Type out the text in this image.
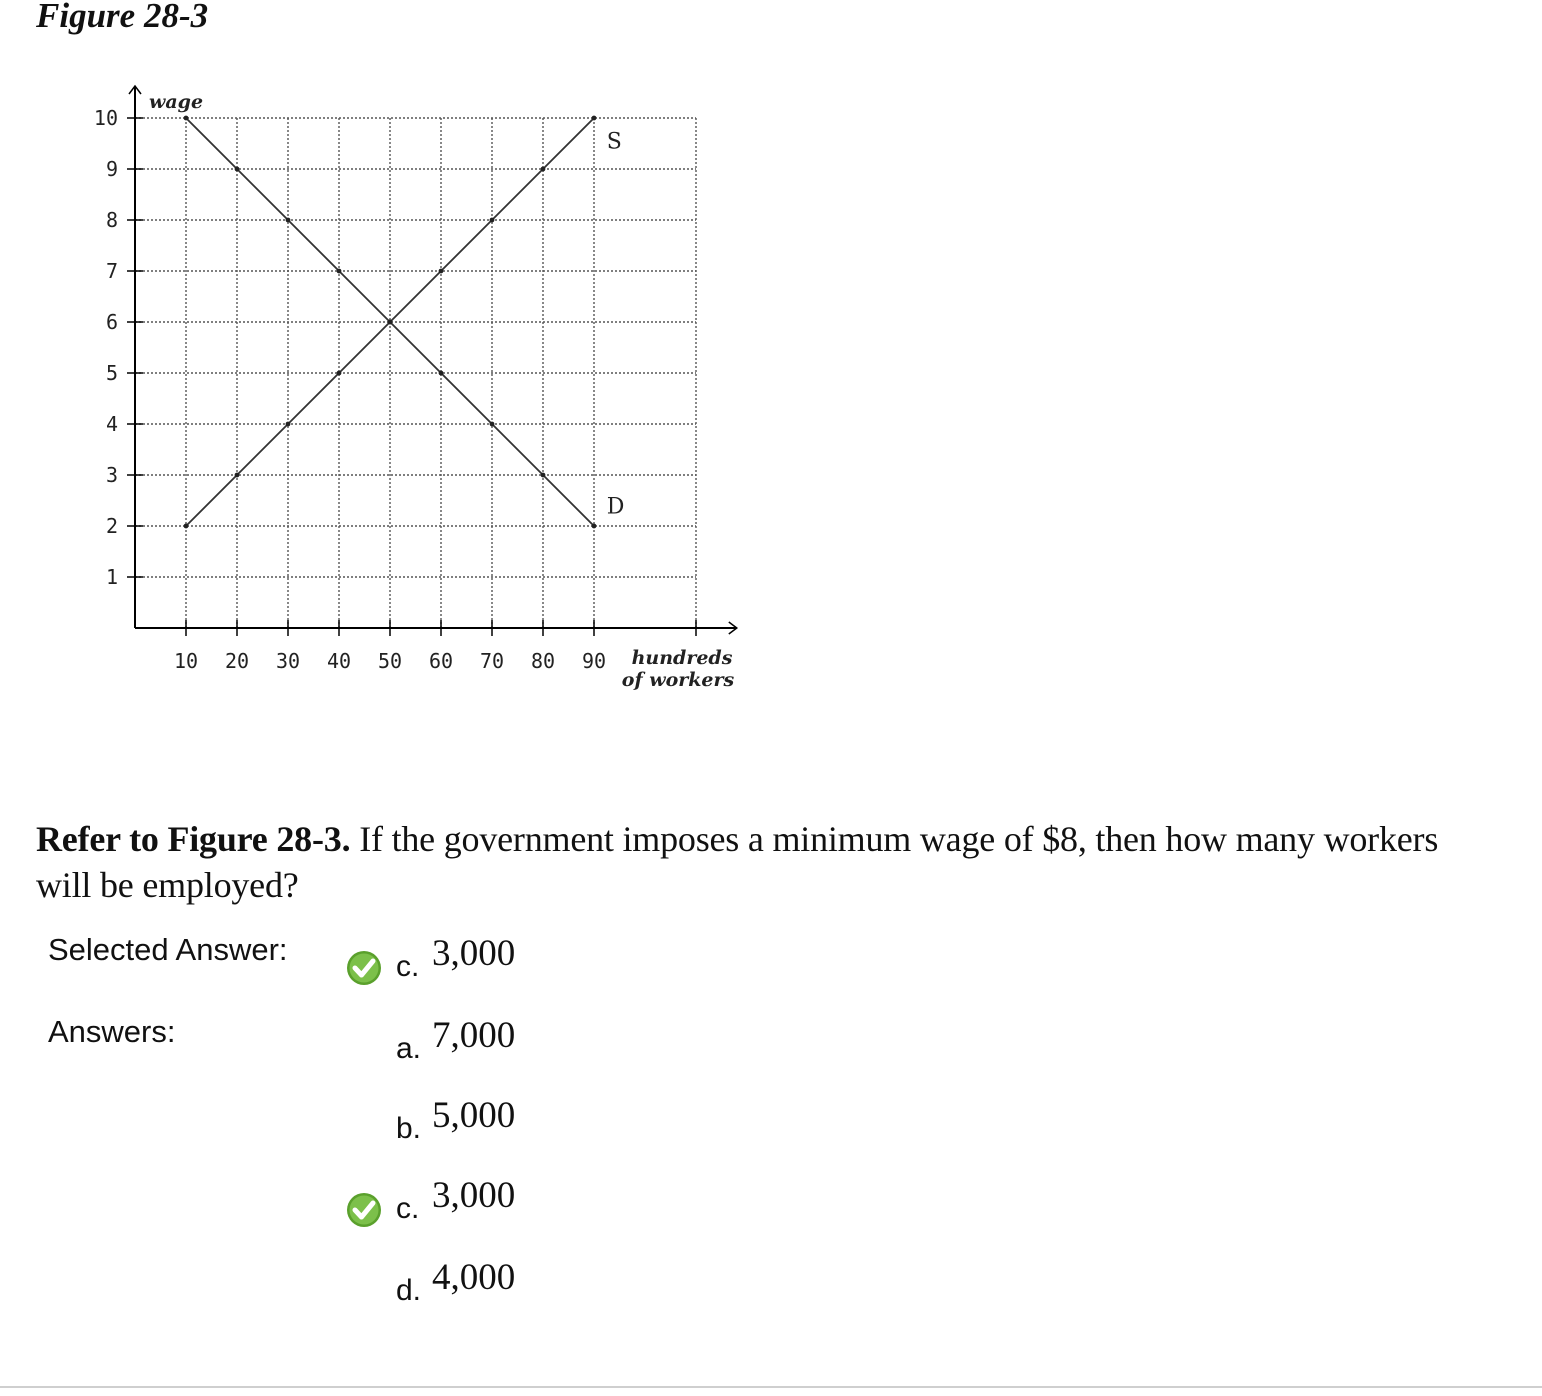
Figure 28-3
10 20 30 40 50 60 70 80 90
1
2
3
4
5
6
7
8
9
10
S
D
wage
hundreds
of workers
Refer to Figure 28-3. If the government imposes a minimum wage of $8, then how many workers will be employed?
Selected Answer:	c. 3,000
Answers:	a. 7,000
b. 5,000
c. 3,000
d. 4,000
